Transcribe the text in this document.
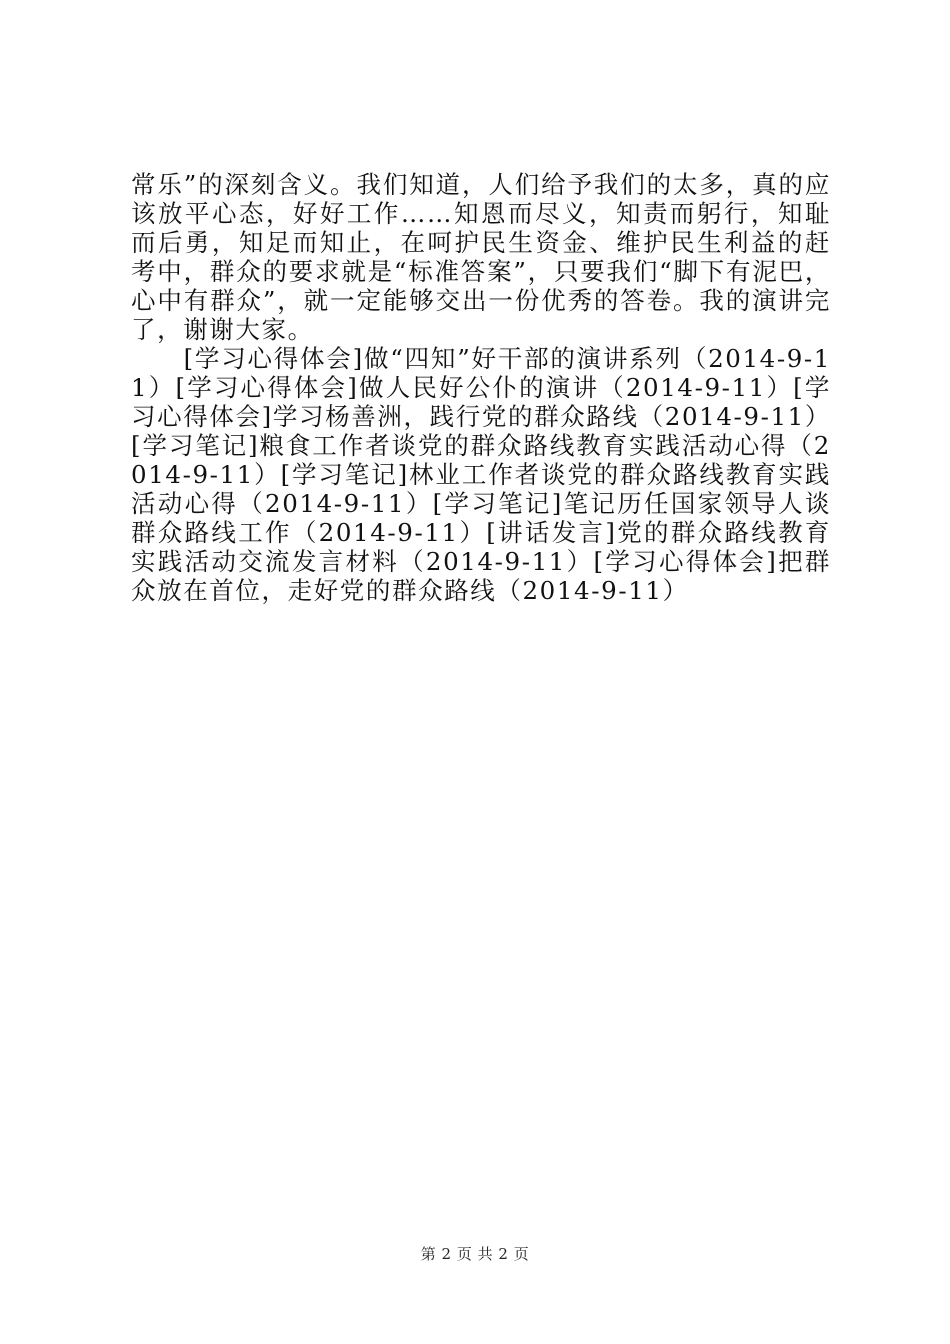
常乐”的深刻含义。我们知道，人们给予我们的太多，真的应该放平心态，好好工作……知恩而尽义，知责而躬行，知耻而后勇，知足而知止，在呵护民生资金、维护民生利益的赶考中，群众的要求就是“标准答案”，只要我们“脚下有泥巴，心中有群众”，就一定能够交出一份优秀的答卷。我的演讲完了，谢谢大家。

　　[学习心得体会]做“四知”好干部的演讲系列（2014-9-11）[学习心得体会]做人民好公仆的演讲（2014-9-11）[学习心得体会]学习杨善洲，践行党的群众路线（2014-9-11）[学习笔记]粮食工作者谈党的群众路线教育实践活动心得（2014-9-11）[学习笔记]林业工作者谈党的群众路线教育实践活动心得（2014-9-11）[学习笔记]笔记历任国家领导人谈群众路线工作（2014-9-11）[讲话发言]党的群众路线教育实践活动交流发言材料（2014-9-11）[学习心得体会]把群众放在首位，走好党的群众路线（2014-9-11）

第 2 页 共 2 页
